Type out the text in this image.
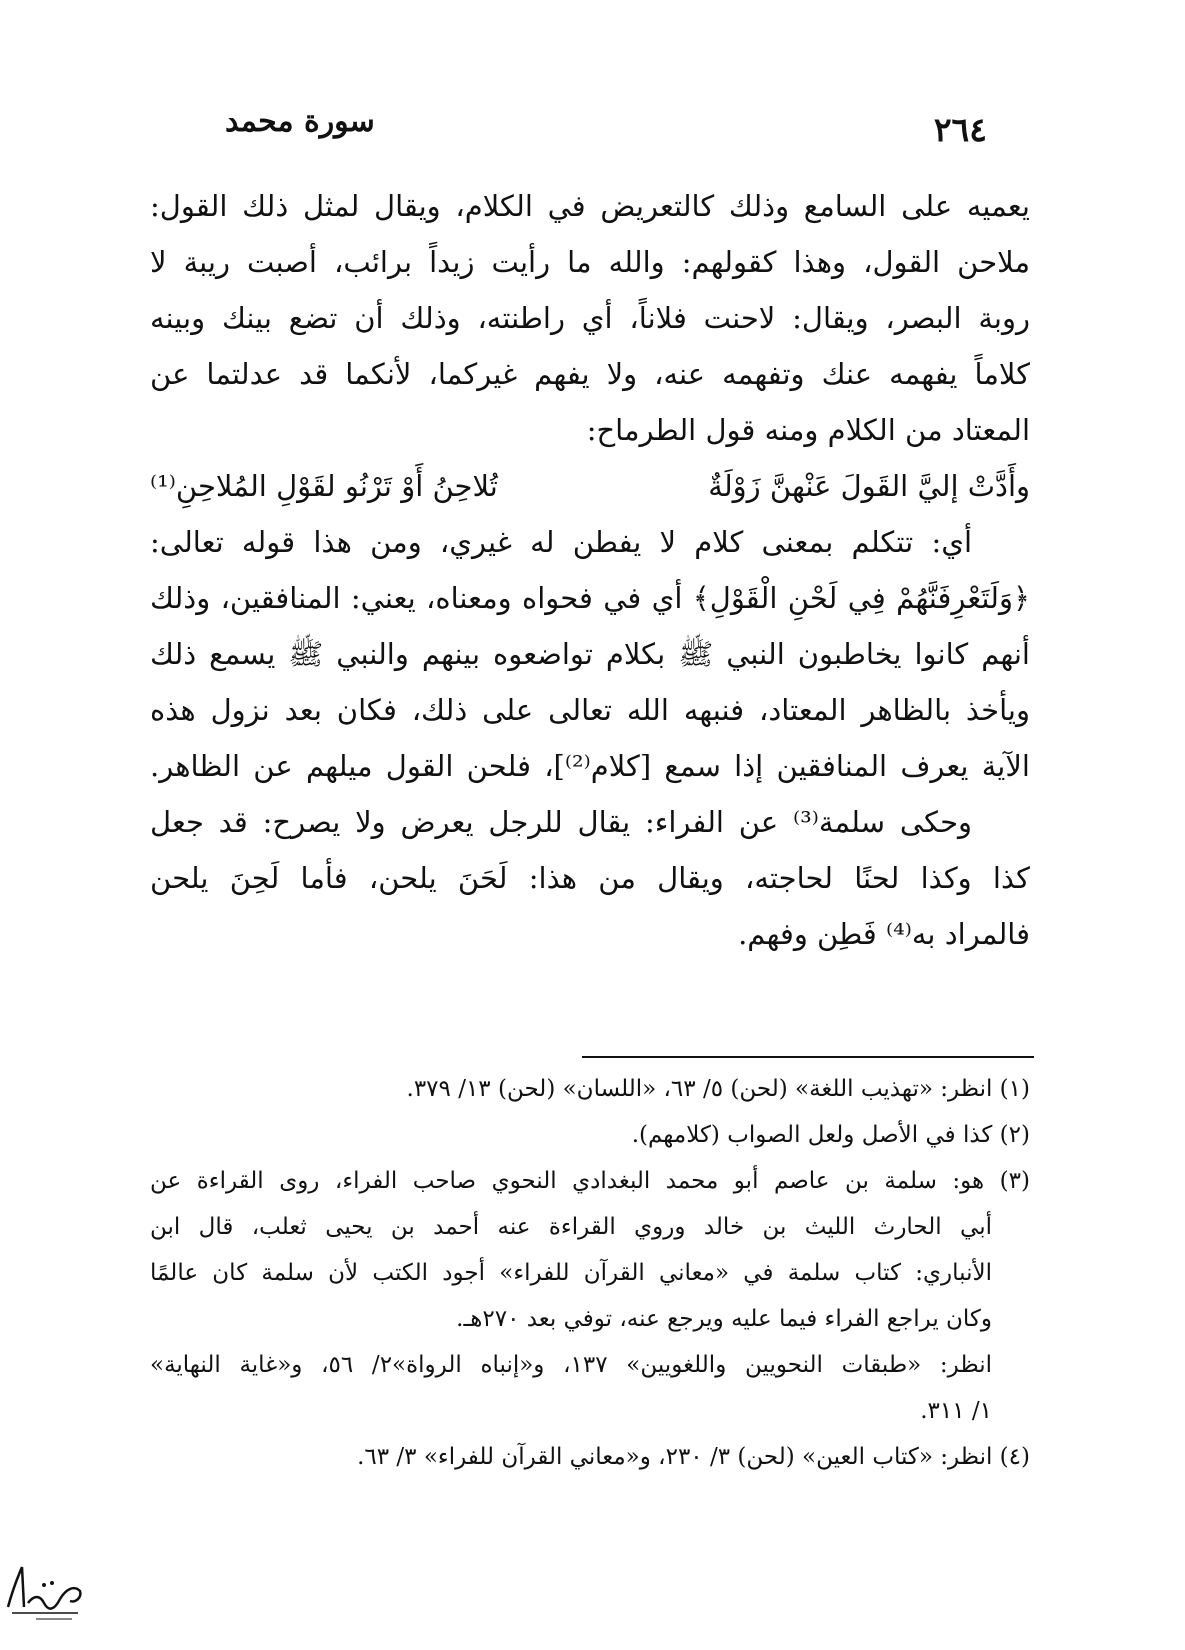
سورة محمد	٢٦٤
يعميه على السامع وذلك كالتعريض في الكلام، ويقال لمثل ذلك القول:
ملاحن القول، وهذا كقولهم: والله ما رأيت زيداً برائب، أصبت ريبة لا
روبة البصر، ويقال: لاحنت فلاناً، أي راطنته، وذلك أن تضع بينك وبينه
كلاماً يفهمه عنك وتفهمه عنه، ولا يفهم غيركما، لأنكما قد عدلتما عن
المعتاد من الكلام ومنه قول الطرماح:
وأَدَّتْ إليَّ القَولَ عَنْهنَّ زَوْلَةٌ
تُلاحِنُ أَوْ تَرْنُو لقَوْلِ المُلاحِنِ⁽¹⁾
أي: تتكلم بمعنى كلام لا يفطن له غيري، ومن هذا قوله تعالى:
﴿وَلَتَعْرِفَنَّهُمْ فِي لَحْنِ الْقَوْلِ﴾ أي في فحواه ومعناه، يعني: المنافقين، وذلك
أنهم كانوا يخاطبون النبي ﷺ بكلام تواضعوه بينهم والنبي ﷺ يسمع ذلك
ويأخذ بالظاهر المعتاد، فنبهه الله تعالى على ذلك، فكان بعد نزول هذه
الآية يعرف المنافقين إذا سمع [كلام⁽²⁾]، فلحن القول ميلهم عن الظاهر.
وحكى سلمة⁽³⁾ عن الفراء: يقال للرجل يعرض ولا يصرح: قد جعل
كذا وكذا لحنًا لحاجته، ويقال من هذا: لَحَنَ يلحن، فأما لَحِنَ يلحن
فالمراد به⁽⁴⁾ فَطِن وفهم.
(١) انظر: «تهذيب اللغة» (لحن) ٥/ ٦٣، «اللسان» (لحن) ١٣/ ٣٧٩.
(٢) كذا في الأصل ولعل الصواب (كلامهم).
(٣) هو: سلمة بن عاصم أبو محمد البغدادي النحوي صاحب الفراء، روى القراءة عن
أبي الحارث الليث بن خالد وروي القراءة عنه أحمد بن يحيى ثعلب، قال ابن
الأنباري: كتاب سلمة في «معاني القرآن للفراء» أجود الكتب لأن سلمة كان عالمًا
وكان يراجع الفراء فيما عليه ويرجع عنه، توفي بعد ٢٧٠هـ.
انظر: «طبقات النحويين واللغويين» ١٣٧، و«إنباه الرواة»٢/ ٥٦، و«غاية النهاية»
١/ ٣١١.
(٤) انظر: «كتاب العين» (لحن) ٣/ ٢٣٠، و«معاني القرآن للفراء» ٣/ ٦٣.
